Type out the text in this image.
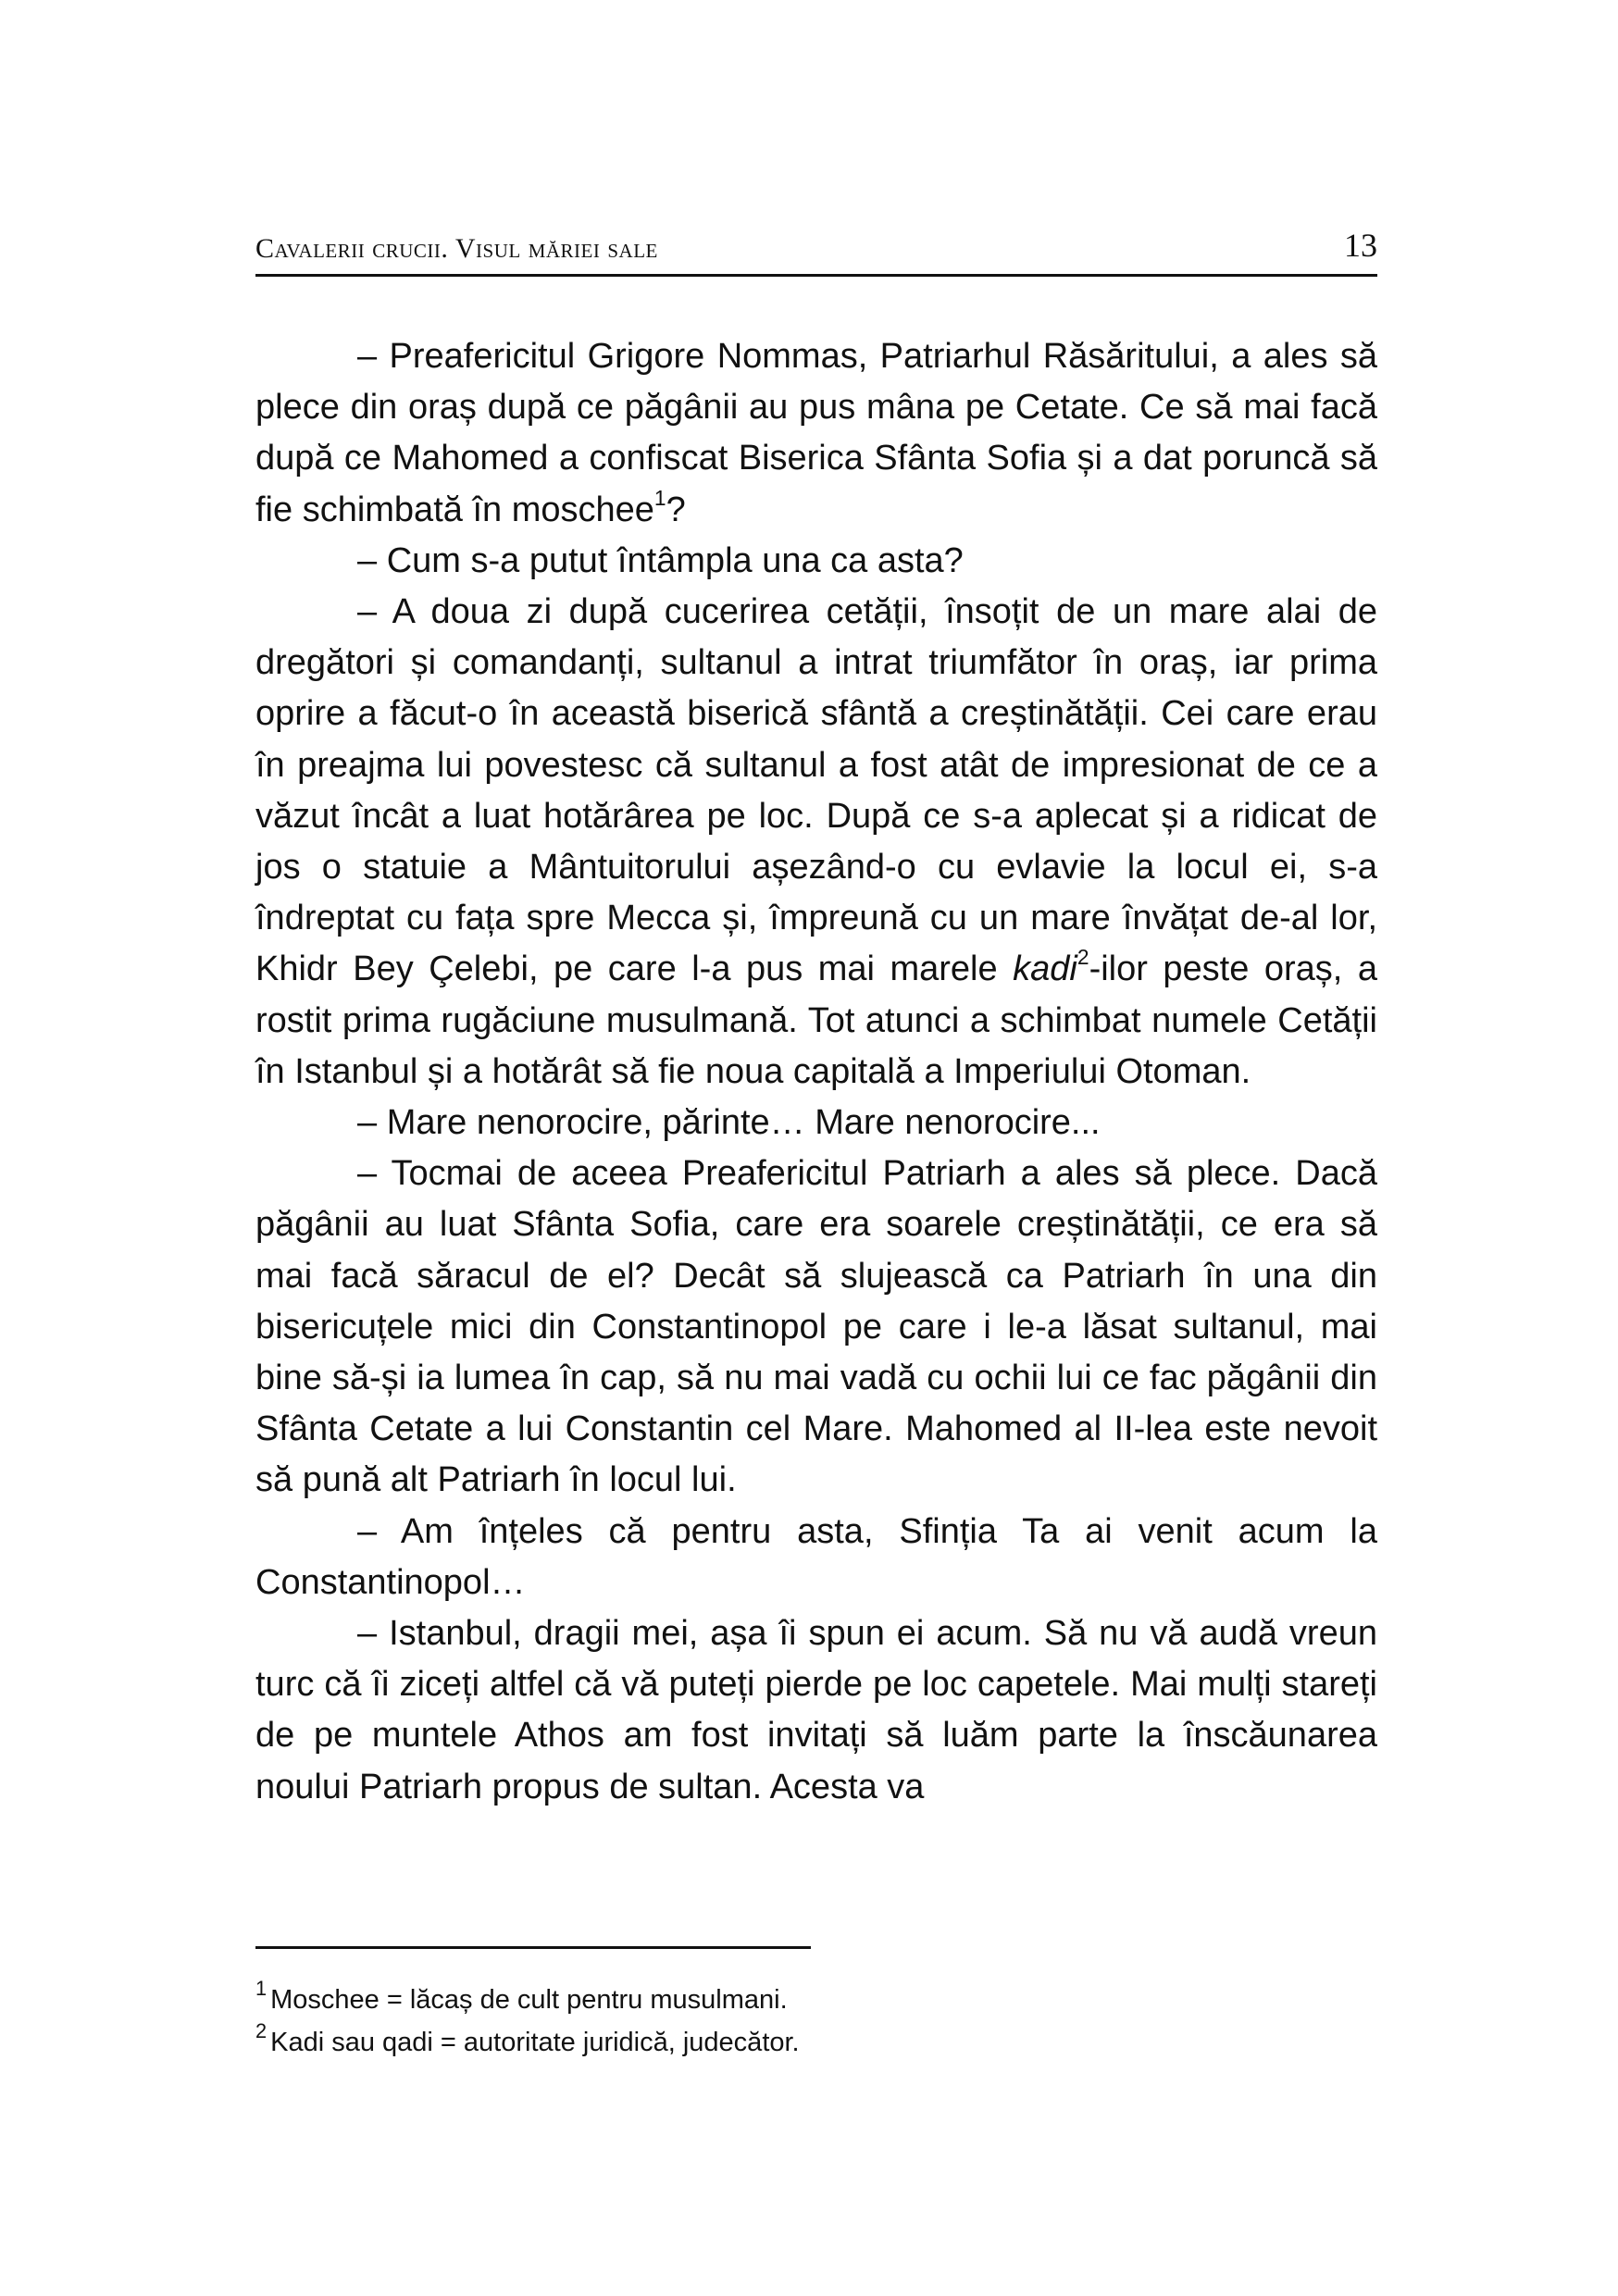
Cavalerii crucii. Visul măriei sale	13

– Preafericitul Grigore Nommas, Patriarhul Răsăritului, a ales să plece din oraș după ce păgânii au pus mâna pe Cetate. Ce să mai facă după ce Mahomed a confiscat Biserica Sfânta Sofia și a dat poruncă să fie schimbată în moschee$^1$?

– Cum s-a putut întâmpla una ca asta?

– A doua zi după cucerirea cetății, însoțit de un mare alai de dregători și comandanți, sultanul a intrat triumfător în oraș, iar prima oprire a făcut-o în această biserică sfântă a creștinătății. Cei care erau în preajma lui povestesc că sultanul a fost atât de impresionat de ce a văzut încât a luat hotărârea pe loc. După ce s-a aplecat și a ridicat de jos o statuie a Mântuitorului așezând-o cu evlavie la locul ei, s-a îndreptat cu fața spre Mecca și, împreună cu un mare învățat de-al lor, Khidr Bey Çelebi, pe care l-a pus mai marele kadi$^2$-ilor peste oraș, a rostit prima rugăciune musulmană. Tot atunci a schimbat numele Cetății în Istanbul și a hotărât să fie noua capitală a Imperiului Otoman.

– Mare nenorocire, părinte… Mare nenorocire...

– Tocmai de aceea Preafericitul Patriarh a ales să plece. Dacă păgânii au luat Sfânta Sofia, care era soarele creștinătății, ce era să mai facă săracul de el? Decât să slujească ca Patriarh în una din bisericuțele mici din Constantinopol pe care i le-a lăsat sultanul, mai bine să-și ia lumea în cap, să nu mai vadă cu ochii lui ce fac păgânii din Sfânta Cetate a lui Constantin cel Mare. Mahomed al II-lea este nevoit să pună alt Patriarh în locul lui.

– Am înțeles că pentru asta, Sfinția Ta ai venit acum la Constantinopol…

– Istanbul, dragii mei, așa îi spun ei acum. Să nu vă audă vreun turc că îi ziceți altfel că vă puteți pierde pe loc capetele. Mai mulți stareți de pe muntele Athos am fost invitați să luăm parte la înscăunarea noului Patriarh propus de sultan. Acesta va

$^1$ Moschee = lăcaș de cult pentru musulmani.
$^2$ Kadi sau qadi = autoritate juridică, judecător.
